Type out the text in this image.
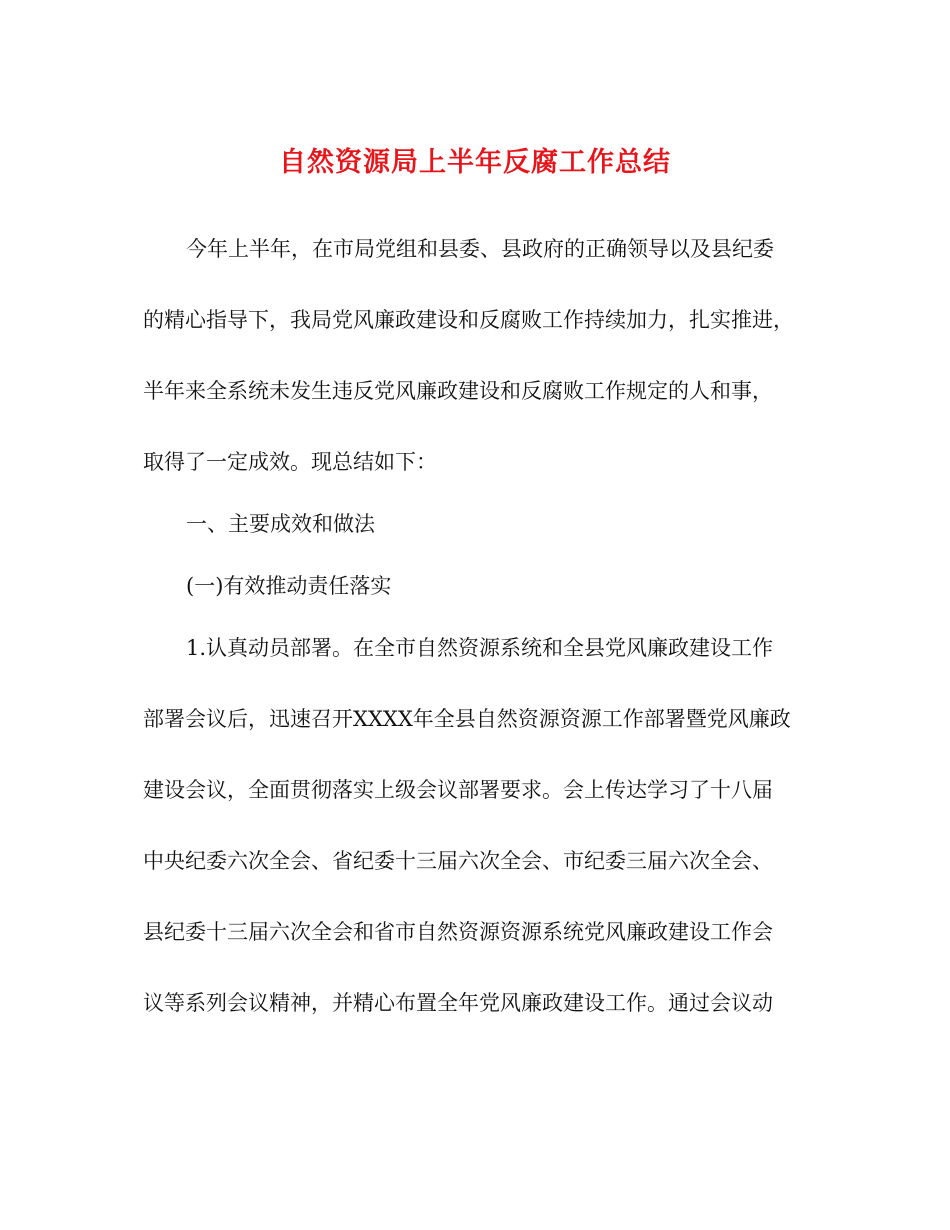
自然资源局上半年反腐工作总结

今年上半年，在市局党组和县委、县政府的正确领导以及县纪委

的精心指导下，我局党风廉政建设和反腐败工作持续加力，扎实推进，

半年来全系统未发生违反党风廉政建设和反腐败工作规定的人和事，

取得了一定成效。现总结如下：

一、主要成效和做法

(一)有效推动责任落实

1.认真动员部署。在全市自然资源系统和全县党风廉政建设工作

部署会议后，迅速召开XXXX年全县自然资源资源工作部署暨党风廉政

建设会议，全面贯彻落实上级会议部署要求。会上传达学习了十八届

中央纪委六次全会、省纪委十三届六次全会、市纪委三届六次全会、

县纪委十三届六次全会和省市自然资源资源系统党风廉政建设工作会

议等系列会议精神，并精心布置全年党风廉政建设工作。通过会议动
